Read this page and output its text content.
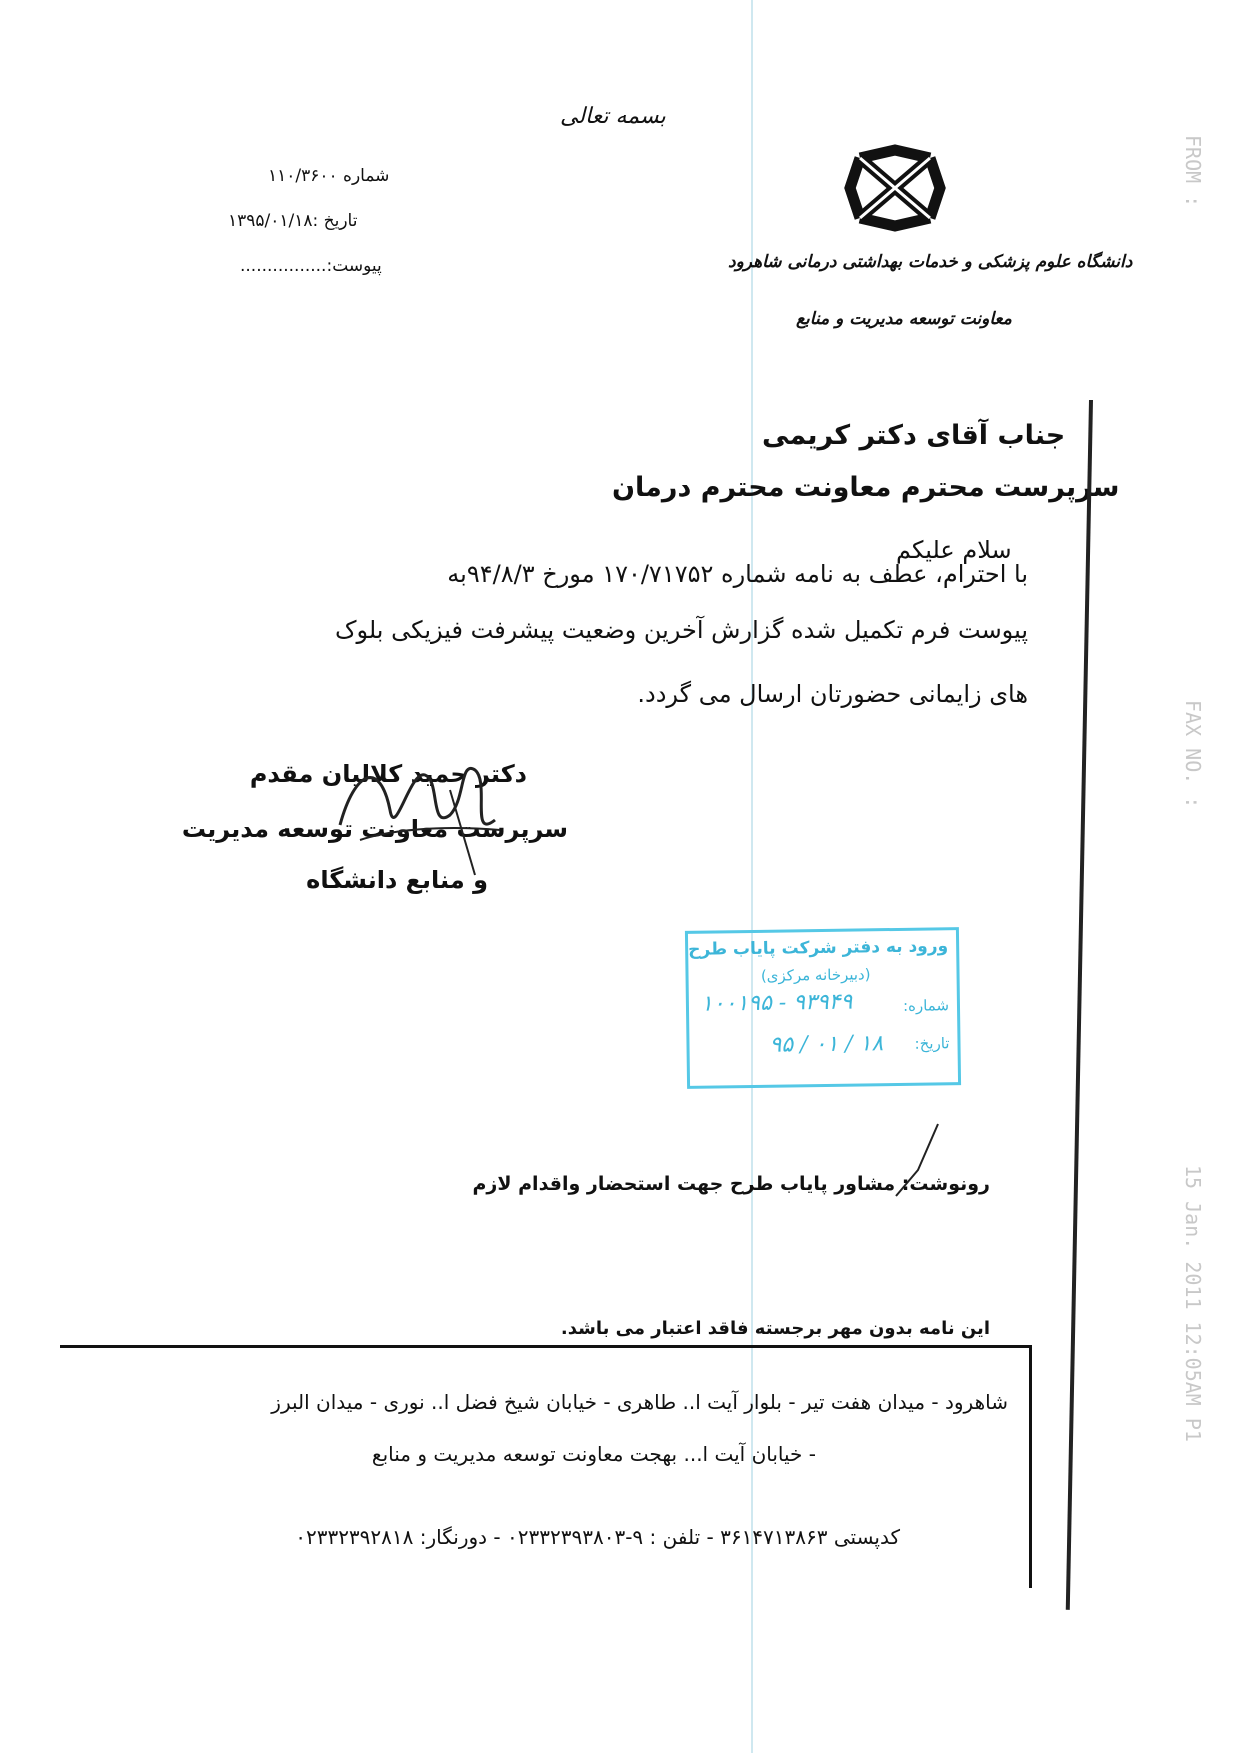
FROM :
FAX NO. :
15 Jan. 2011 12:05AM P1
بسمه تعالی
دانشگاه علوم پزشکی و خدمات بهداشتی درمانی شاهرود
معاونت توسعه مدیریت و منابع
شماره ۱۱۰/۳۶۰۰
تاریخ :۱۳۹۵/۰۱/۱۸
پیوست:................
جناب آقای دکتر کریمی
سرپرست محترم معاونت محترم درمان
سلام علیکم
با احترام، عطف به نامه شماره ۱۷۰/۷۱۷۵۲ مورخ ۹۴/۸/۳به
پیوست فرم تکمیل شده گزارش آخرین وضعیت پیشرفت فیزیکی بلوک
های زایمانی حضورتان ارسال می گردد.
دکتر حمید کلالیان مقدم
سرپرست معاونت توسعه مدیریت
و منابع دانشگاه
ورود به دفتر شرکت پایاب طرح
(دبیرخانه مرکزی)
شماره:
۱۰۰۱۹۵ - ۹۳۹۴۹
تاریخ:
۹۵ / ۰۱ / ۱۸
رونوشت: مشاور پایاب طرح جهت استحضار واقدام لازم
این نامه بدون مهر برجسته فاقد اعتبار می باشد.
شاهرود - میدان هفت تیر - بلوار آیت ا.. طاهری - خیابان شیخ فضل ا.. نوری - میدان البرز
- خیابان آیت ا... بهجت معاونت توسعه مدیریت و منابع
کدپستی ۳۶۱۴۷۱۳۸۶۳ - تلفن : ۹-۰۲۳۳۲۳۹۳۸۰۳ - دورنگار: ۰۲۳۳۲۳۹۲۸۱۸
